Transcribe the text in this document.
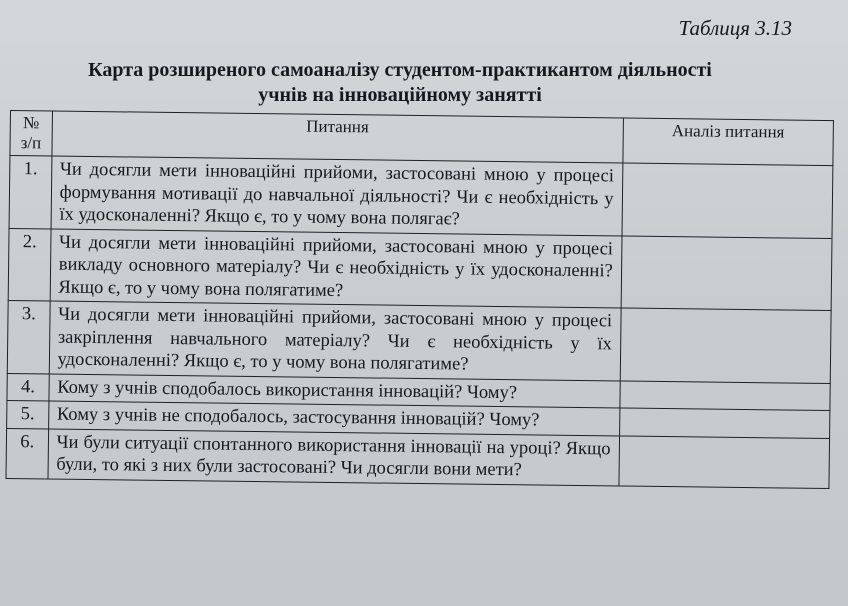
Таблиця 3.13
Карта розширеного самоаналізу студентом-практикантом діяльності
учнів на інноваційному занятті
№
з/п	Питання	Аналіз питання
1.	Чи досягли мети інноваційні прийоми, застосовані мною у процесі формування мотивації до навчальної діяльності? Чи є необхідність у їх удосконаленні? Якщо є, то у чому вона полягає?	
2.	Чи досягли мети інноваційні прийоми, застосовані мною у процесі викладу основного матеріалу? Чи є необхідність у їх удосконаленні? Якщо є, то у чому вона полягатиме?	
3.	Чи досягли мети інноваційні прийоми, застосовані мною у процесі закріплення навчального матеріалу? Чи є необхідність у їх удосконаленні? Якщо є, то у чому вона полягатиме?	
4.	Кому з учнів сподобалось використання інновацій? Чому?	
5.	Кому з учнів не сподобалось, застосування інновацій? Чому?	
6.	Чи були ситуації спонтанного використання інновації на уроці? Якщо були, то які з них були застосовані? Чи досягли вони мети?	
